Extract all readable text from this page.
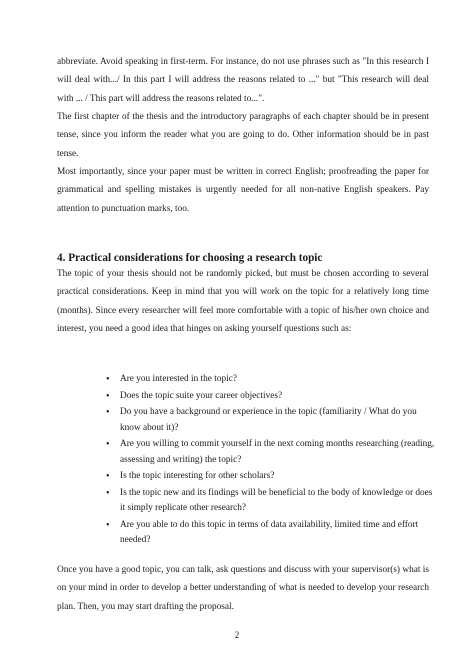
abbreviate. Avoid speaking in first-term. For instance, do not use phrases such as "In this research I will deal with.../ In this part I will address the reasons related to ..." but "This research will deal with ... / This part will address the reasons related to...".

The first chapter of the thesis and the introductory paragraphs of each chapter should be in present tense, since you inform the reader what you are going to do. Other information should be in past tense.

Most importantly, since your paper must be written in correct English; proofreading the paper for grammatical and spelling mistakes is urgently needed for all non-native English speakers. Pay attention to punctuation marks, too.

4. Practical considerations for choosing a research topic

The topic of your thesis should not be randomly picked, but must be chosen according to several practical considerations. Keep in mind that you will work on the topic for a relatively long time (months). Since every researcher will feel more comfortable with a topic of his/her own choice and interest, you need a good idea that hinges on asking yourself questions such as:

• Are you interested in the topic?
• Does the topic suite your career objectives?
• Do you have a background or experience in the topic (familiarity / What do you know about it)?
• Are you willing to commit yourself in the next coming months researching (reading, assessing and writing) the topic?
• Is the topic interesting for other scholars?
• Is the topic new and its findings will be beneficial to the body of knowledge or does it simply replicate other research?
• Are you able to do this topic in terms of data availability, limited time and effort needed?

Once you have a good topic, you can talk, ask questions and discuss with your supervisor(s) what is on your mind in order to develop a better understanding of what is needed to develop your research plan. Then, you may start drafting the proposal.

2
